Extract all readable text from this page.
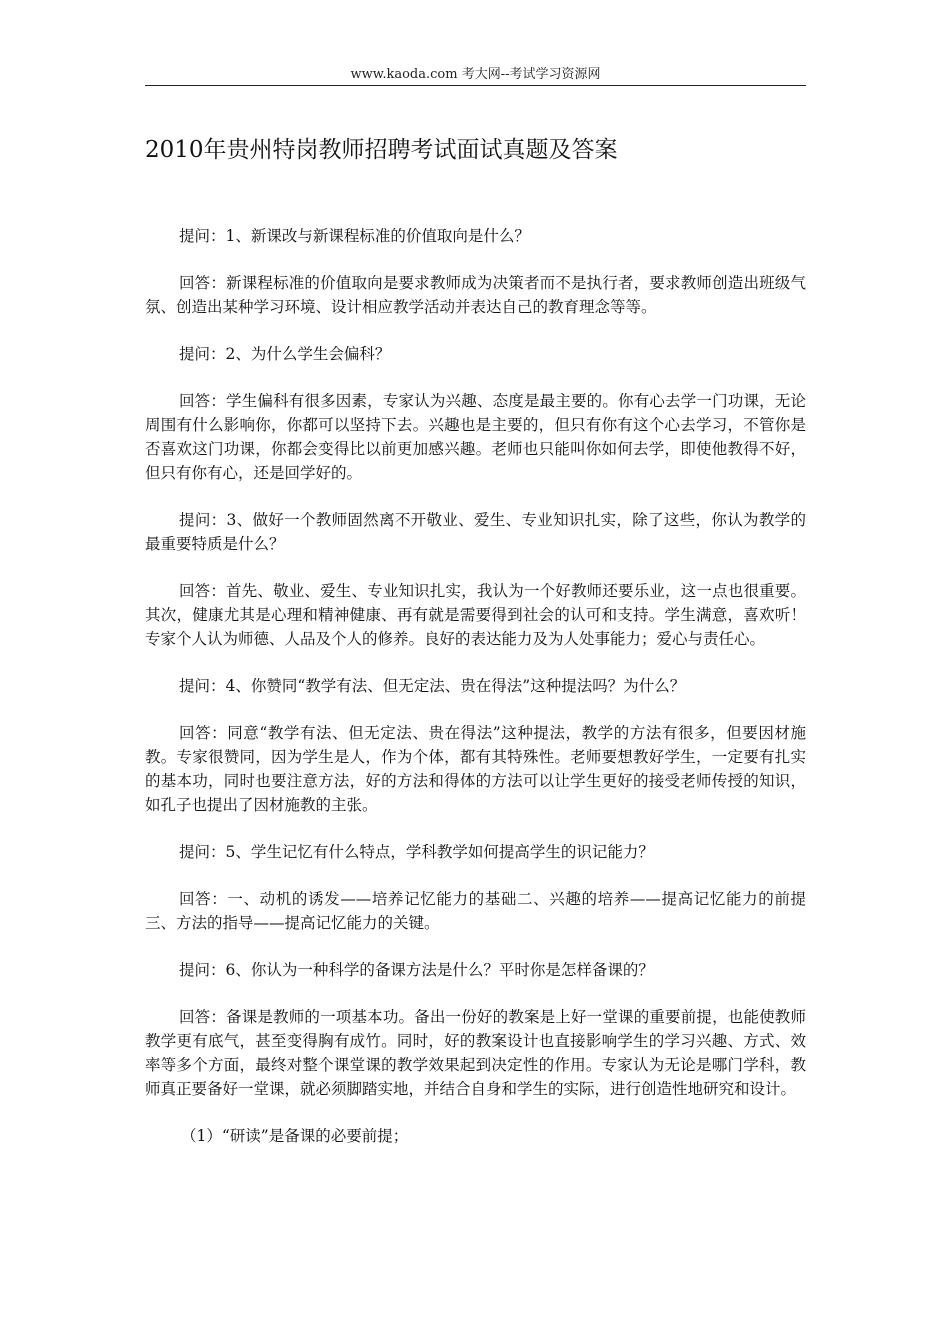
www.kaoda.com 考大网--考试学习资源网
2010年贵州特岗教师招聘考试面试真题及答案

提问：1、新课改与新课程标准的价值取向是什么？

回答：新课程标准的价值取向是要求教师成为决策者而不是执行者，要求教师创造出班级气氛、创造出某种学习环境、设计相应教学活动并表达自己的教育理念等等。

提问：2、为什么学生会偏科？

回答：学生偏科有很多因素，专家认为兴趣、态度是最主要的。你有心去学一门功课，无论周围有什么影响你，你都可以坚持下去。兴趣也是主要的，但只有你有这个心去学习，不管你是否喜欢这门功课，你都会变得比以前更加感兴趣。老师也只能叫你如何去学，即使他教得不好，但只有你有心，还是回学好的。

提问：3、做好一个教师固然离不开敬业、爱生、专业知识扎实，除了这些，你认为教学的最重要特质是什么？

回答：首先、敬业、爱生、专业知识扎实，我认为一个好教师还要乐业，这一点也很重要。其次，健康尤其是心理和精神健康、再有就是需要得到社会的认可和支持。学生满意，喜欢听！专家个人认为师德、人品及个人的修养。良好的表达能力及为人处事能力；爱心与责任心。

提问：4、你赞同“教学有法、但无定法、贵在得法”这种提法吗？为什么？

回答：同意“教学有法、但无定法、贵在得法”这种提法，教学的方法有很多，但要因材施教。专家很赞同，因为学生是人，作为个体，都有其特殊性。老师要想教好学生，一定要有扎实的基本功，同时也要注意方法，好的方法和得体的方法可以让学生更好的接受老师传授的知识，如孔子也提出了因材施教的主张。

提问：5、学生记忆有什么特点，学科教学如何提高学生的识记能力？

回答：一、动机的诱发——培养记忆能力的基础二、兴趣的培养——提高记忆能力的前提三、方法的指导——提高记忆能力的关键。

提问：6、你认为一种科学的备课方法是什么？平时你是怎样备课的？

回答：备课是教师的一项基本功。备出一份好的教案是上好一堂课的重要前提，也能使教师教学更有底气，甚至变得胸有成竹。同时，好的教案设计也直接影响学生的学习兴趣、方式、效率等多个方面，最终对整个课堂课的教学效果起到决定性的作用。专家认为无论是哪门学科，教师真正要备好一堂课，就必须脚踏实地，并结合自身和学生的实际，进行创造性地研究和设计。

（1）“研读”是备课的必要前提；
